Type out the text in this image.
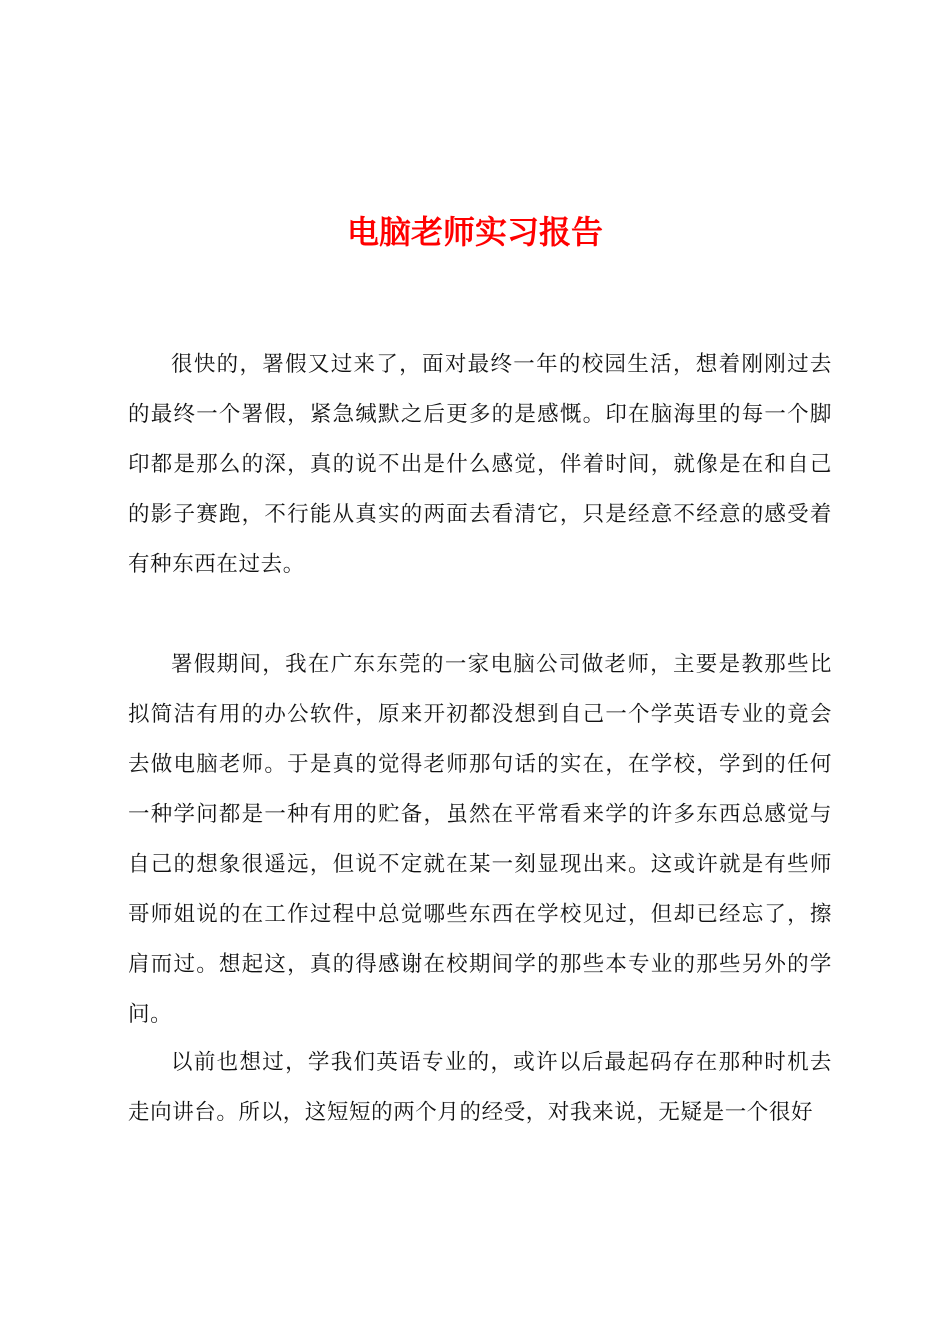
电脑老师实习报告

很快的，署假又过来了，面对最终一年的校园生活，想着刚刚过去的最终一个署假，紧急缄默之后更多的是感慨。印在脑海里的每一个脚印都是那么的深，真的说不出是什么感觉，伴着时间，就像是在和自己的影子赛跑，不行能从真实的两面去看清它，只是经意不经意的感受着有种东西在过去。

署假期间，我在广东东莞的一家电脑公司做老师，主要是教那些比拟简洁有用的办公软件，原来开初都没想到自己一个学英语专业的竟会去做电脑老师。于是真的觉得老师那句话的实在，在学校，学到的任何一种学问都是一种有用的贮备，虽然在平常看来学的许多东西总感觉与自己的想象很遥远，但说不定就在某一刻显现出来。这或许就是有些师哥师姐说的在工作过程中总觉哪些东西在学校见过，但却已经忘了，擦肩而过。想起这，真的得感谢在校期间学的那些本专业的那些另外的学问。

以前也想过，学我们英语专业的，或许以后最起码存在那种时机去走向讲台。所以，这短短的两个月的经受，对我来说，无疑是一个很好
